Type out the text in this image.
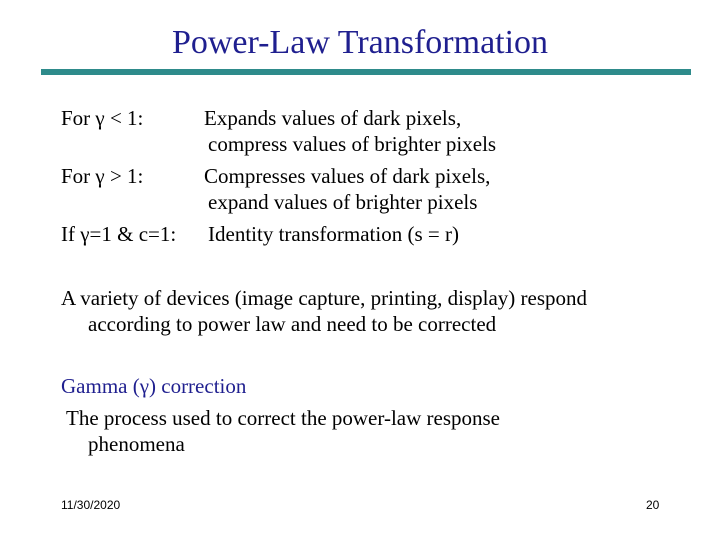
Power-Law Transformation
For γ < 1:	Expands values of dark pixels,
compress values of brighter pixels
For γ > 1:	Compresses values of dark pixels,
expand values of brighter pixels
If γ=1 & c=1: Identity transformation (s = r)
A variety of devices (image capture, printing, display) respond
according to power law and need to be corrected
Gamma (γ) correction
The process used to correct the power-law response
phenomena
11/30/2020	20
